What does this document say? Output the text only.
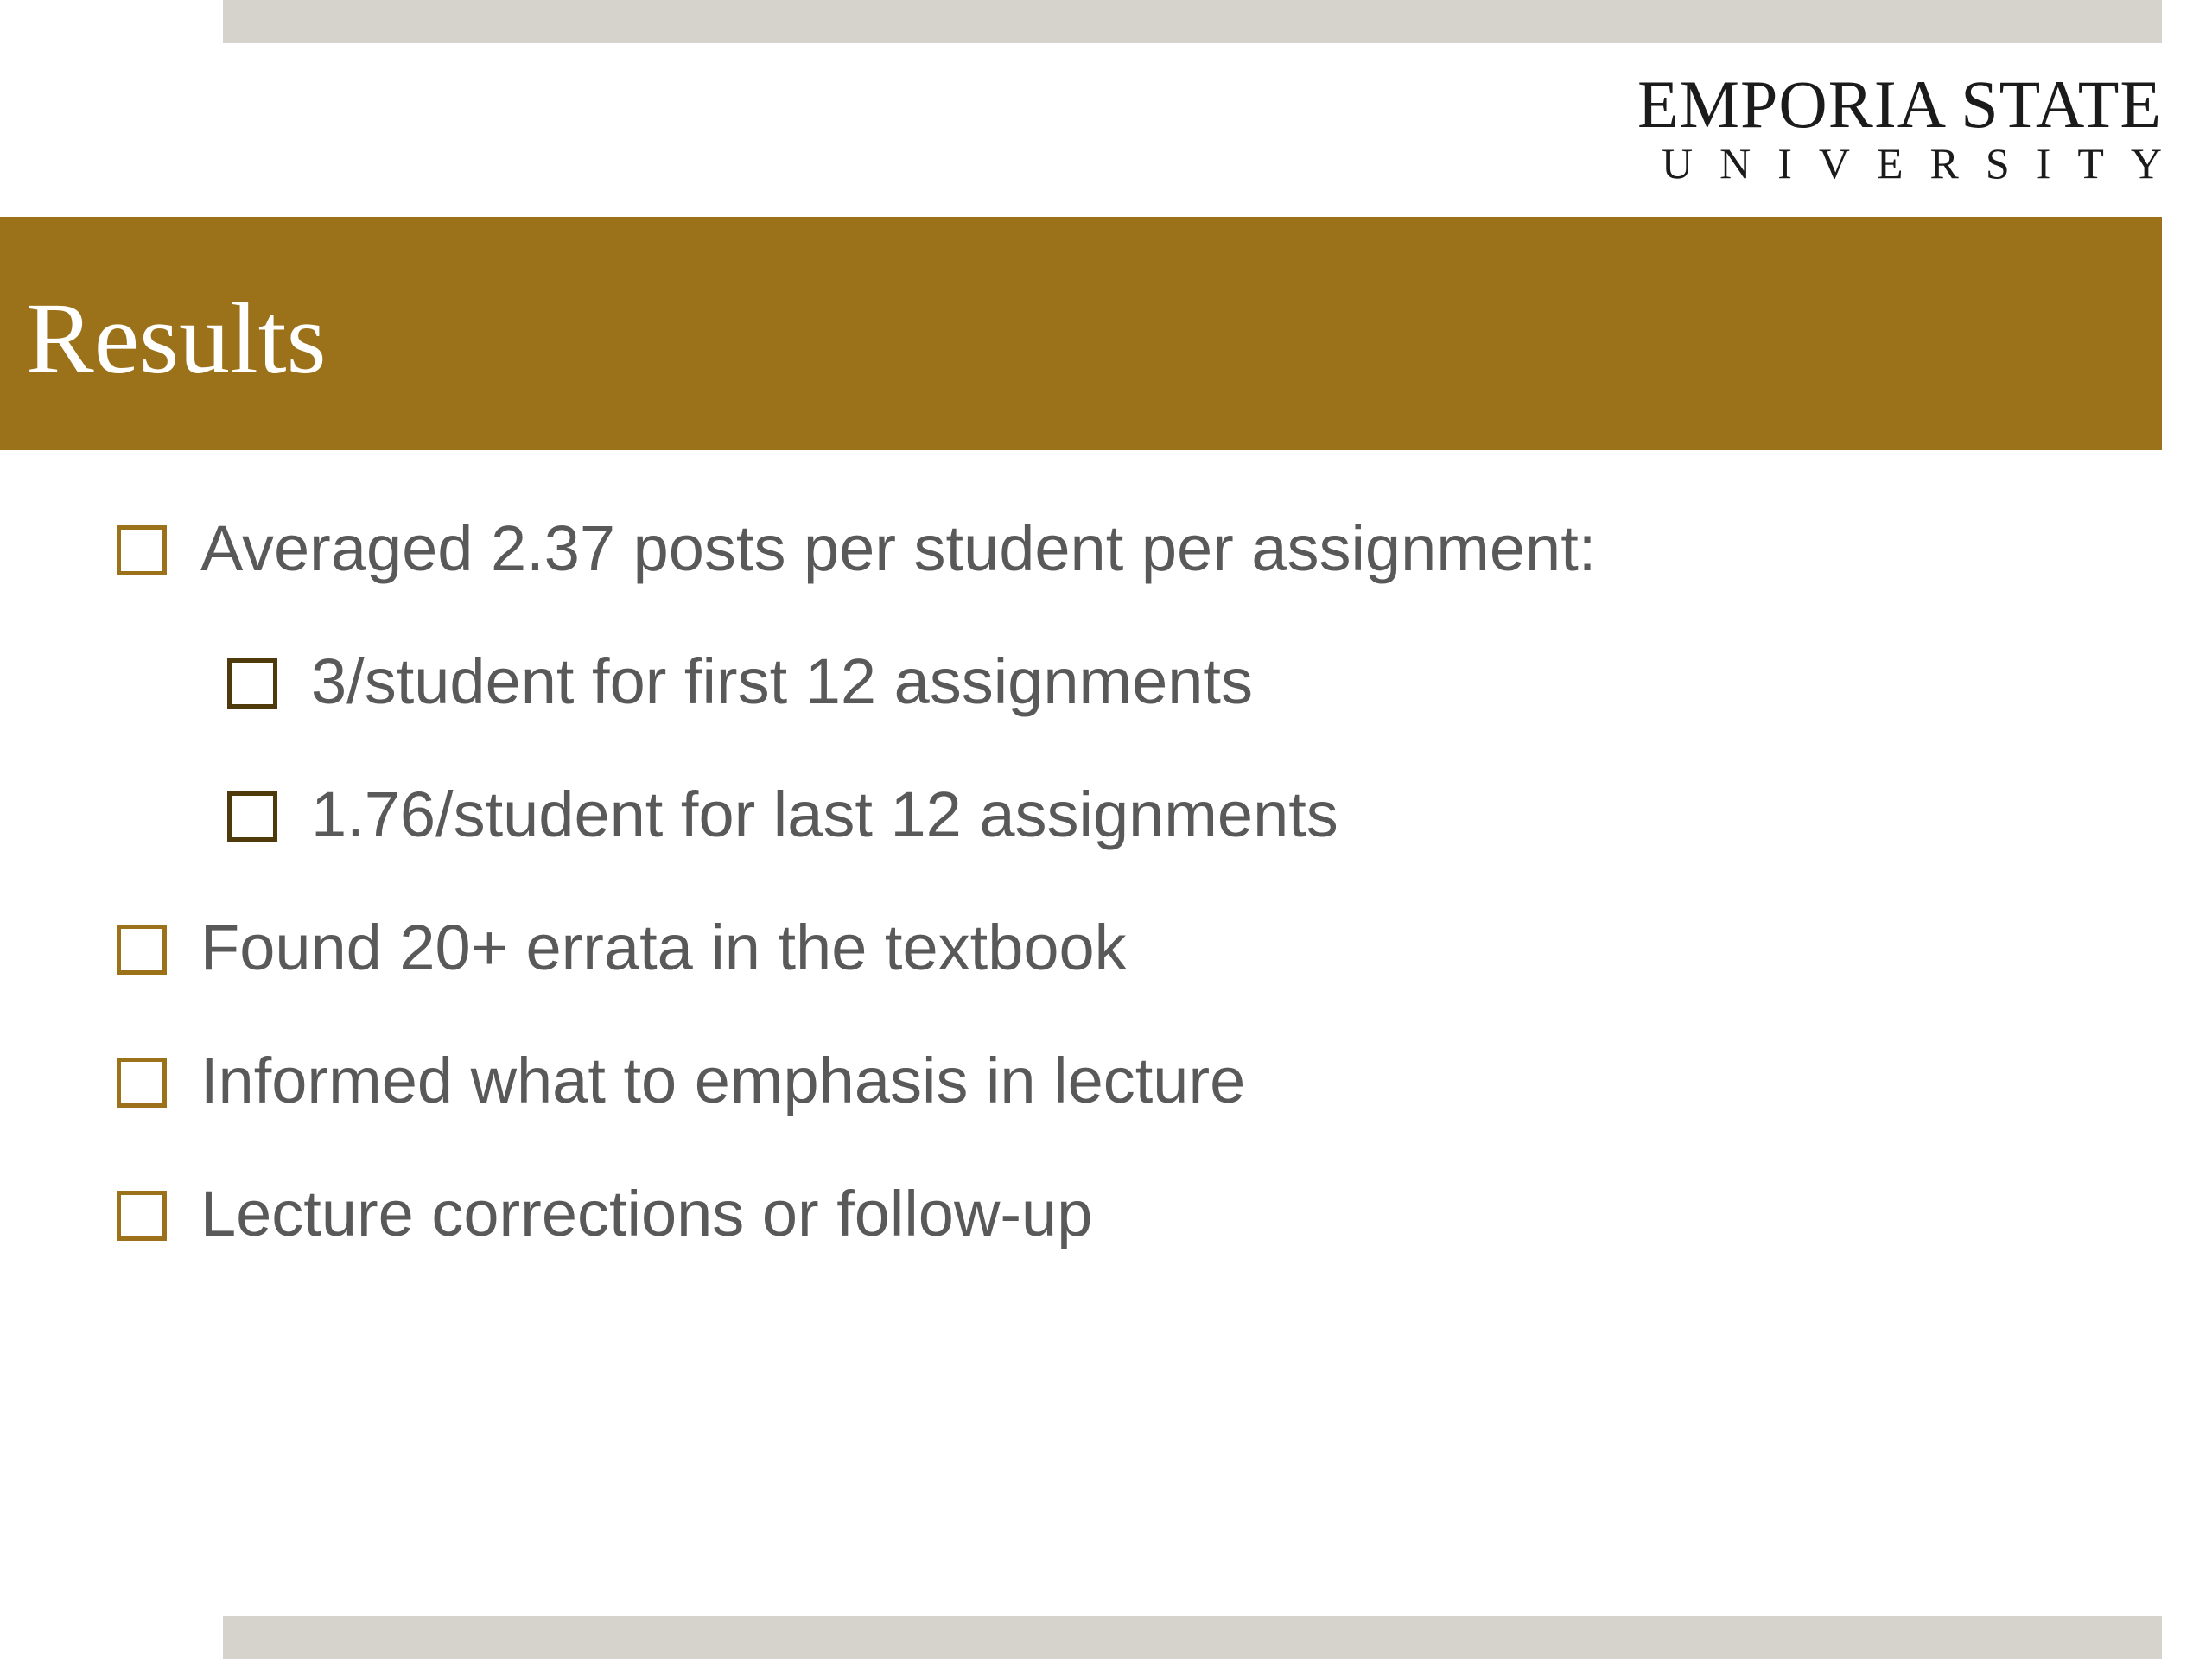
EMPORIA STATE
UNIVERSITY
Results
Averaged 2.37 posts per student per assignment:
3/student for first 12 assignments
1.76/student for last 12 assignments
Found 20+ errata in the textbook
Informed what to emphasis in lecture
Lecture corrections or follow-up
